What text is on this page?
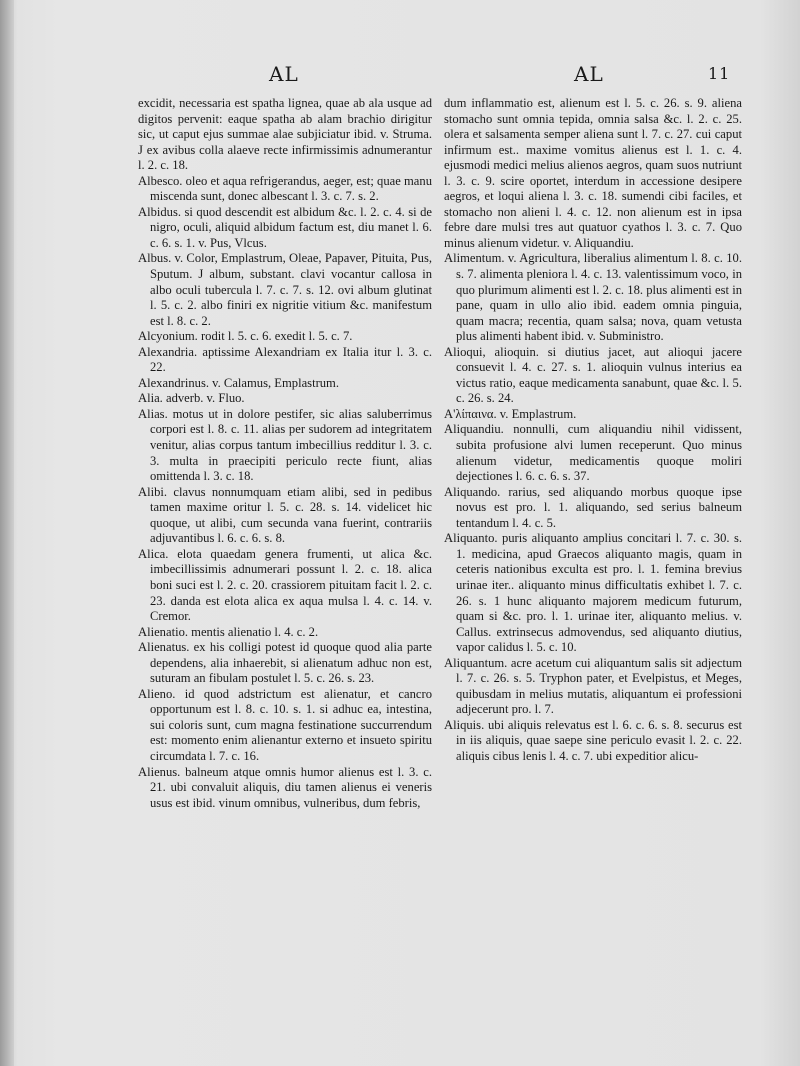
AL	AL	11

excidit, necessaria est spatha lignea, quae ab ala usque ad digitos pervenit: eaque spatha ab alam brachio dirigitur sic, ut caput ejus summae alae subjiciatur ibid. v. Struma. J ex avibus colla alaeve recte infirmissimis adnumerantur l. 2. c. 18.

Albesco. oleo et aqua refrigerandus, aeger, est; quae manu miscenda sunt, donec albescant l. 3. c. 7. s. 2.

Albidus. si quod descendit est albidum &c. l. 2. c. 4. si de nigro, oculi, aliquid albidum factum est, diu manet l. 6. c. 6. s. 1. v. Pus, Vlcus.

Albus. v. Color, Emplastrum, Oleae, Papaver, Pituita, Pus, Sputum. J album, substant. clavi vocantur callosa in albo oculi tubercula l. 7. c. 7. s. 12. ovi album glutinat l. 5. c. 2. albo finiri ex nigritie vitium &c. manifestum est l. 8. c. 2.

Alcyonium. rodit l. 5. c. 6. exedit l. 5. c. 7.

Alexandria. aptissime Alexandriam ex Italia itur l. 3. c. 22.

Alexandrinus. v. Calamus, Emplastrum.

Alia. adverb. v. Fluo.

Alias. motus ut in dolore pestifer, sic alias saluberrimus corpori est l. 8. c. 11. alias per sudorem ad integritatem venitur, alias corpus tantum imbecillius redditur l. 3. c. 3. multa in praecipiti periculo recte fiunt, alias omittenda l. 3. c. 18.

Alibi. clavus nonnumquam etiam alibi, sed in pedibus tamen maxime oritur l. 5. c. 28. s. 14. videlicet hic quoque, ut alibi, cum secunda vana fuerint, contrariis adjuvantibus l. 6. c. 6. s. 8.

Alica. elota quaedam genera frumenti, ut alica &c. imbecillissimis adnumerari possunt l. 2. c. 18. alica boni suci est l. 2. c. 20. crassiorem pituitam facit l. 2. c. 23. danda est elota alica ex aqua mulsa l. 4. c. 14. v. Cremor.

Alienatio. mentis alienatio l. 4. c. 2.

Alienatus. ex his colligi potest id quoque quod alia parte dependens, alia inhaerebit, si alienatum adhuc non est, suturam an fibulam postulet l. 5. c. 26. s. 23.

Alieno. id quod adstrictum est alienatur, et cancro opportunum est l. 8. c. 10. s. 1. si adhuc ea, intestina, sui coloris sunt, cum magna festinatione succurrendum est: momento enim alienantur externo et insueto spiritu circumdata l. 7. c. 16.

Alienus. balneum atque omnis humor alienus est l. 3. c. 21. ubi convaluit aliquis, diu tamen alienus ei veneris usus est ibid. vinum omnibus, vulneribus, dum febris,

dum inflammatio est, alienum est l. 5. c. 26. s. 9. aliena stomacho sunt omnia tepida, omnia salsa &c. l. 2. c. 25. olera et salsamenta semper aliena sunt l. 7. c. 27. cui caput infirmum est.. maxime vomitus alienus est l. 1. c. 4. ejusmodi medici melius alienos aegros, quam suos nutriunt l. 3. c. 9. scire oportet, interdum in accessione desipere aegros, et loqui aliena l. 3. c. 18. sumendi cibi faciles, et stomacho non alieni l. 4. c. 12. non alienum est in ipsa febre dare mulsi tres aut quatuor cyathos l. 3. c. 7. Quo minus alienum videtur. v. Aliquandiu.

Alimentum. v. Agricultura, liberalius alimentum l. 8. c. 10. s. 7. alimenta pleniora l. 4. c. 13. valentissimum voco, in quo plurimum alimenti est l. 2. c. 18. plus alimenti est in pane, quam in ullo alio ibid. eadem omnia pinguia, quam macra; recentia, quam salsa; nova, quam vetusta plus alimenti habent ibid. v. Subministro.

Alioqui, alioquin. si diutius jacet, aut alioqui jacere consuevit l. 4. c. 27. s. 1. alioquin vulnus interius ea victus ratio, eaque medicamenta sanabunt, quae &c. l. 5. c. 26. s. 24.

Α'λίπαινα. v. Emplastrum.

Aliquandiu. nonnulli, cum aliquandiu nihil vidissent, subita profusione alvi lumen receperunt. Quo minus alienum videtur, medicamentis quoque moliri dejectiones l. 6. c. 6. s. 37.

Aliquando. rarius, sed aliquando morbus quoque ipse novus est pro. l. 1. aliquando, sed serius balneum tentandum l. 4. c. 5.

Aliquanto. puris aliquanto amplius concitari l. 7. c. 30. s. 1. medicina, apud Graecos aliquanto magis, quam in ceteris nationibus exculta est pro. l. 1. femina brevius urinae iter.. aliquanto minus difficultatis exhibet l. 7. c. 26. s. 1 hunc aliquanto majorem medicum futurum, quam si &c. pro. l. 1. urinae iter, aliquanto melius. v. Callus. extrinsecus admovendus, sed aliquanto diutius, vapor calidus l. 5. c. 10.

Aliquantum. acre acetum cui aliquantum salis sit adjectum l. 7. c. 26. s. 5. Tryphon pater, et Evelpistus, et Meges, quibusdam in melius mutatis, aliquantum ei professioni adjecerunt pro. l. 7.

Aliquis. ubi aliquis relevatus est l. 6. c. 6. s. 8. securus est in iis aliquis, quae saepe sine periculo evasit l. 2. c. 22. aliquis cibus lenis l. 4. c. 7. ubi expeditior alicu-
